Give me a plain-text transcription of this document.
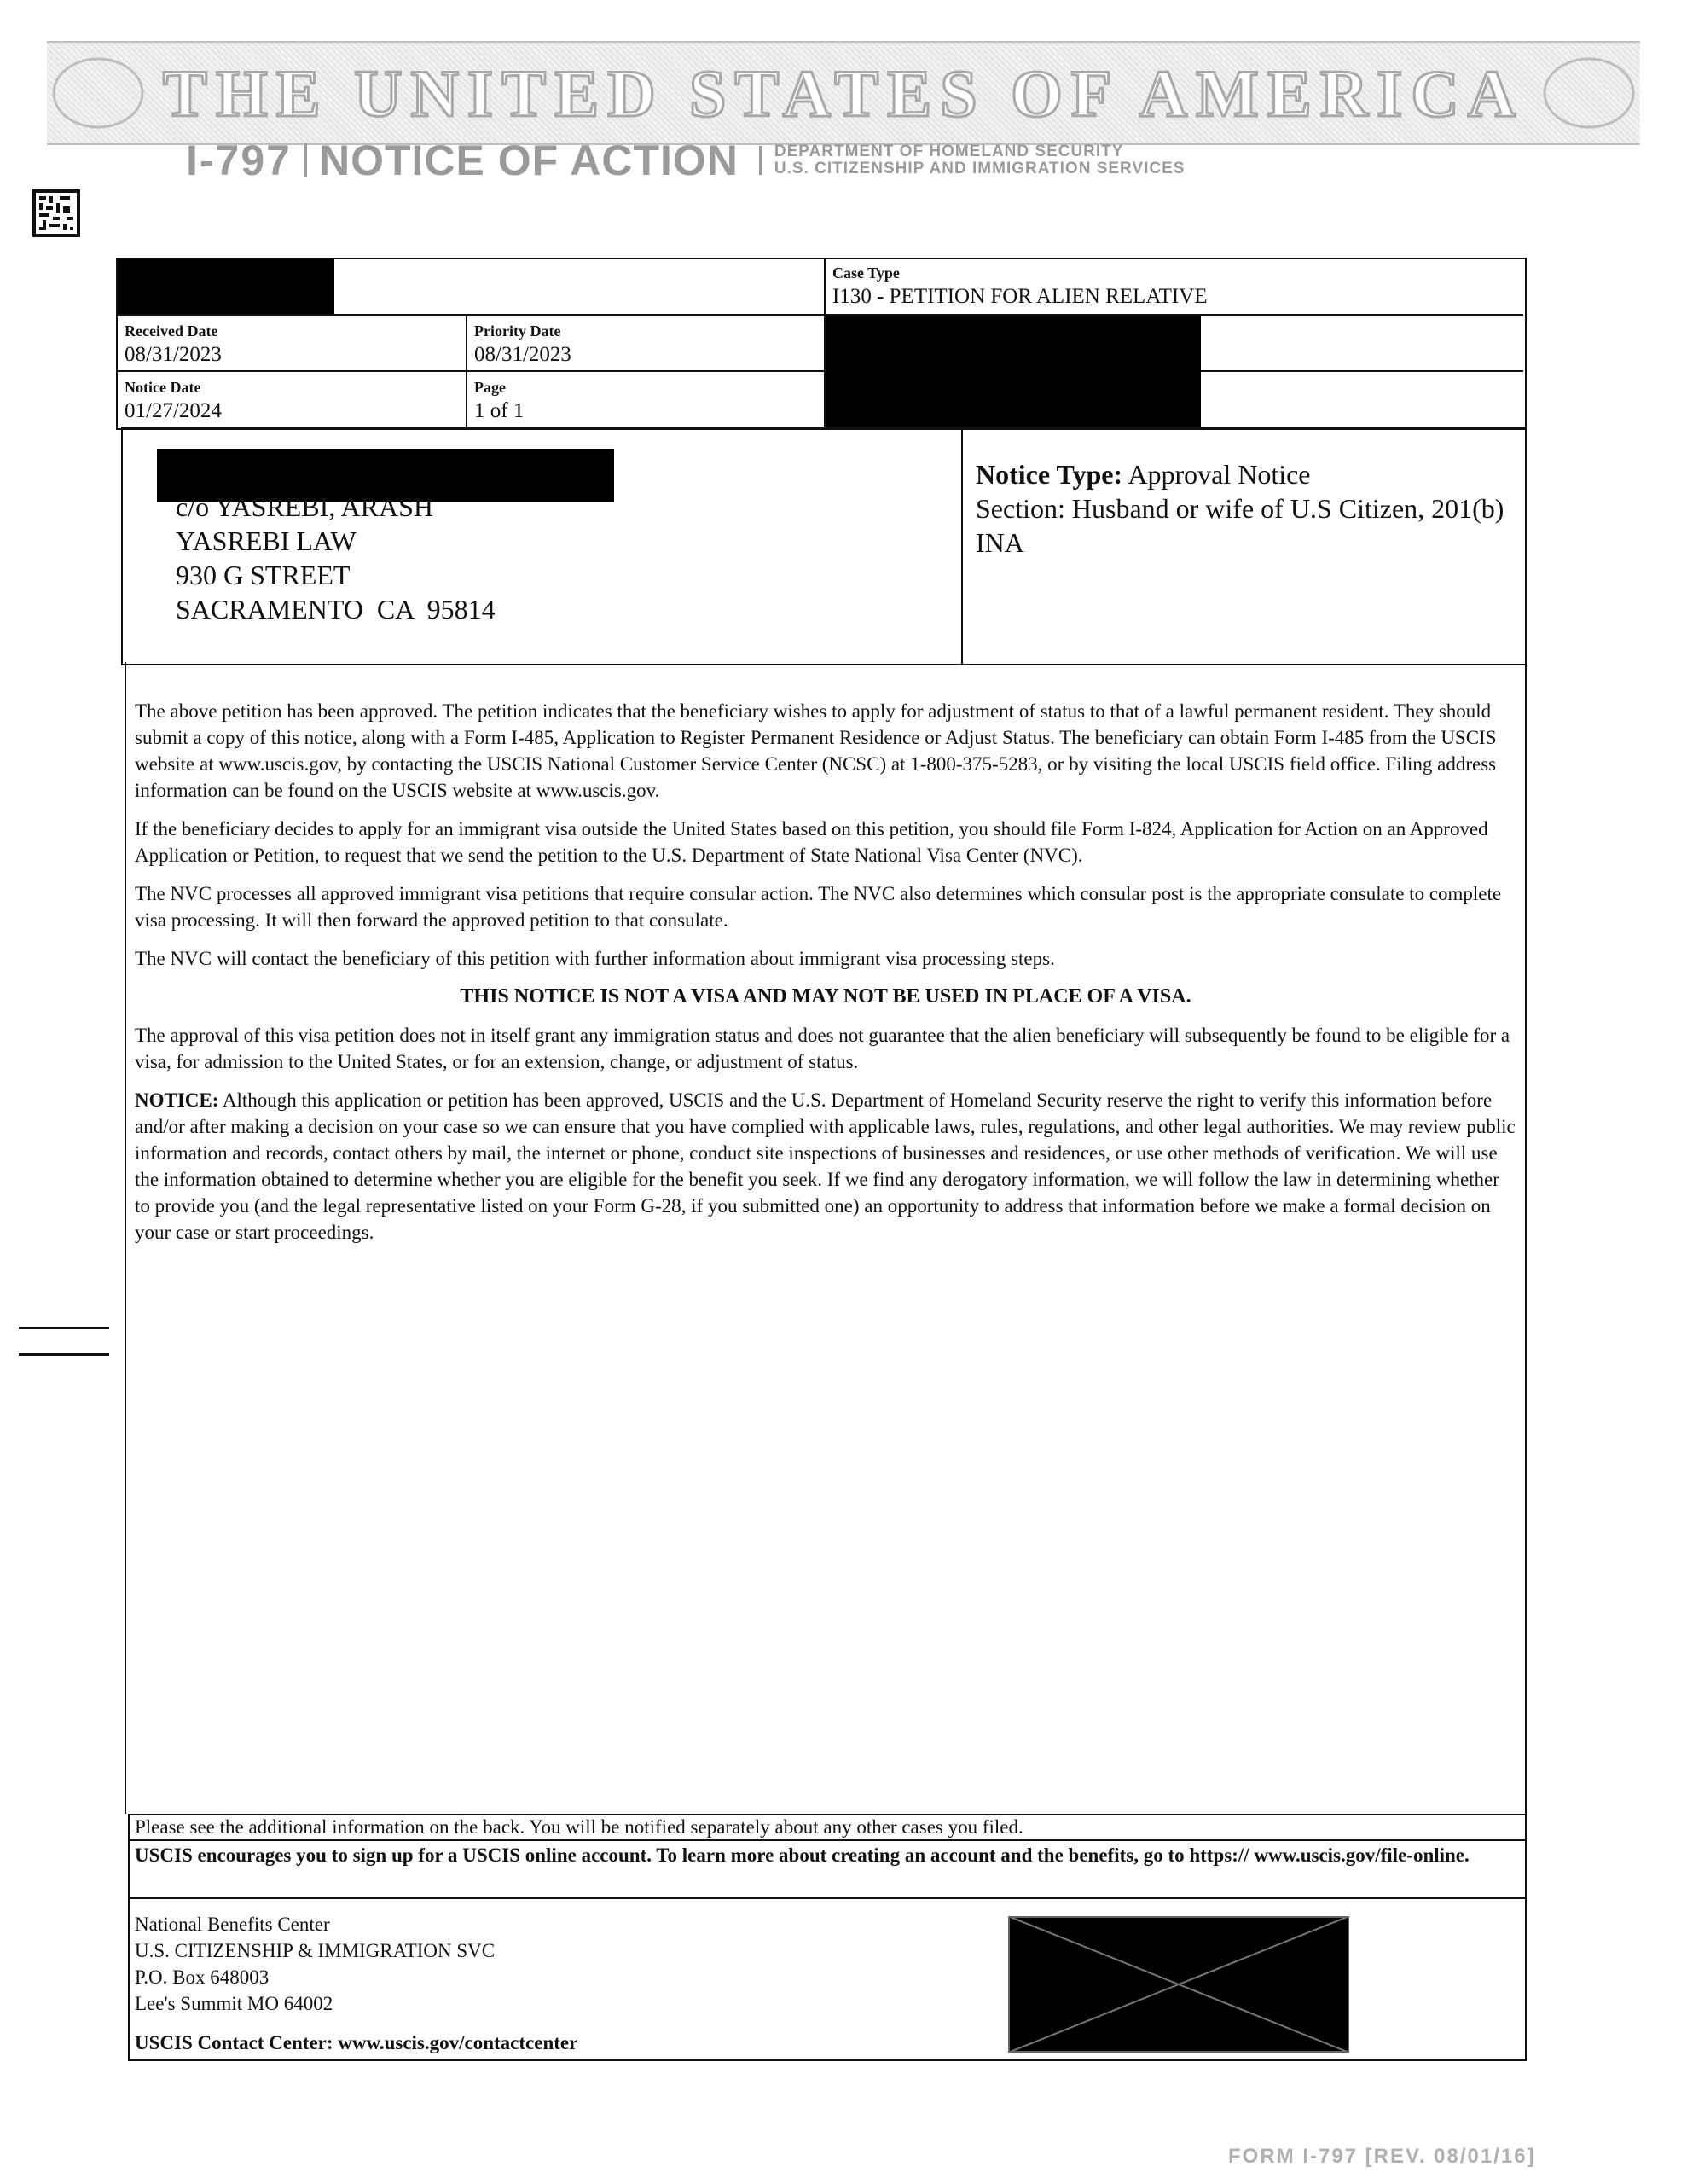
THE UNITED STATES OF AMERICA
I-797 NOTICE OF ACTION DEPARTMENT OF HOMELAND SECURITY
U.S. CITIZENSHIP AND IMMIGRATION SERVICES
Case Type
I130 - PETITION FOR ALIEN RELATIVE
Received Date
08/31/2023
Priority Date
08/31/2023
Notice Date
01/27/2024
Page
1 of 1
c/o YASREBI, ARASH
YASREBI LAW
930 G STREET
SACRAMENTO  CA  95814
Notice Type: Approval Notice
Section: Husband or wife of U.S Citizen, 201(b) INA

The above petition has been approved. The petition indicates that the beneficiary wishes to apply for adjustment of status to that of a lawful permanent resident. They should submit a copy of this notice, along with a Form I-485, Application to Register Permanent Residence or Adjust Status. The beneficiary can obtain Form I-485 from the USCIS website at www.uscis.gov, by contacting the USCIS National Customer Service Center (NCSC) at 1-800-375-5283, or by visiting the local USCIS field office. Filing address information can be found on the USCIS website at www.uscis.gov.

If the beneficiary decides to apply for an immigrant visa outside the United States based on this petition, you should file Form I-824, Application for Action on an Approved Application or Petition, to request that we send the petition to the U.S. Department of State National Visa Center (NVC).

The NVC processes all approved immigrant visa petitions that require consular action. The NVC also determines which consular post is the appropriate consulate to complete visa processing. It will then forward the approved petition to that consulate.

The NVC will contact the beneficiary of this petition with further information about immigrant visa processing steps.

THIS NOTICE IS NOT A VISA AND MAY NOT BE USED IN PLACE OF A VISA.

The approval of this visa petition does not in itself grant any immigration status and does not guarantee that the alien beneficiary will subsequently be found to be eligible for a visa, for admission to the United States, or for an extension, change, or adjustment of status.

NOTICE: Although this application or petition has been approved, USCIS and the U.S. Department of Homeland Security reserve the right to verify this information before and/or after making a decision on your case so we can ensure that you have complied with applicable laws, rules, regulations, and other legal authorities. We may review public information and records, contact others by mail, the internet or phone, conduct site inspections of businesses and residences, or use other methods of verification. We will use the information obtained to determine whether you are eligible for the benefit you seek. If we find any derogatory information, we will follow the law in determining whether to provide you (and the legal representative listed on your Form G-28, if you submitted one) an opportunity to address that information before we make a formal decision on your case or start proceedings.

Please see the additional information on the back. You will be notified separately about any other cases you filed.
USCIS encourages you to sign up for a USCIS online account. To learn more about creating an account and the benefits, go to https:// www.uscis.gov/file-online.
National Benefits Center
U.S. CITIZENSHIP & IMMIGRATION SVC
P.O. Box 648003
Lee's Summit MO 64002
USCIS Contact Center: www.uscis.gov/contactcenter
FORM I-797 [REV. 08/01/16]
